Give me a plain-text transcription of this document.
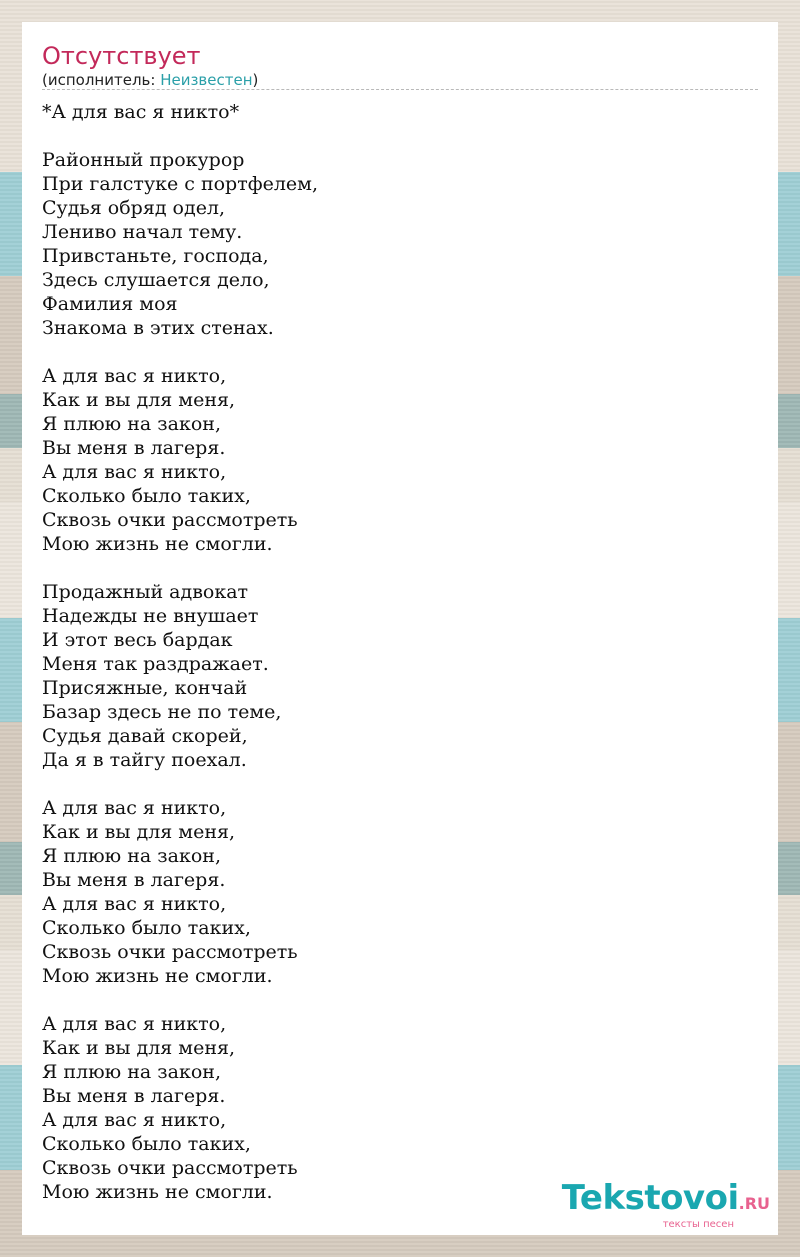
Отсутствует
(исполнитель: Неизвестен)
*А для вас я никто*

Районный прокурор
При галстуке с портфелем,
Судья обряд одел,
Лениво начал тему.
Привстаньте, господа,
Здесь слушается дело,
Фамилия моя
Знакома в этих стенах.

А для вас я никто,
Как и вы для меня,
Я плюю на закон,
Вы меня в лагеря.
А для вас я никто,
Сколько было таких,
Сквозь очки рассмотреть
Мою жизнь не смогли.

Продажный адвокат
Надежды не внушает
И этот весь бардак
Меня так раздражает.
Присяжные, кончай
Базар здесь не по теме,
Судья давай скорей,
Да я в тайгу поехал.

А для вас я никто,
Как и вы для меня,
Я плюю на закон,
Вы меня в лагеря.
А для вас я никто,
Сколько было таких,
Сквозь очки рассмотреть
Мою жизнь не смогли.

А для вас я никто,
Как и вы для меня,
Я плюю на закон,
Вы меня в лагеря.
А для вас я никто,
Сколько было таких,
Сквозь очки рассмотреть
Мою жизнь не смогли.	Tekstovoi.RU
тексты песен
